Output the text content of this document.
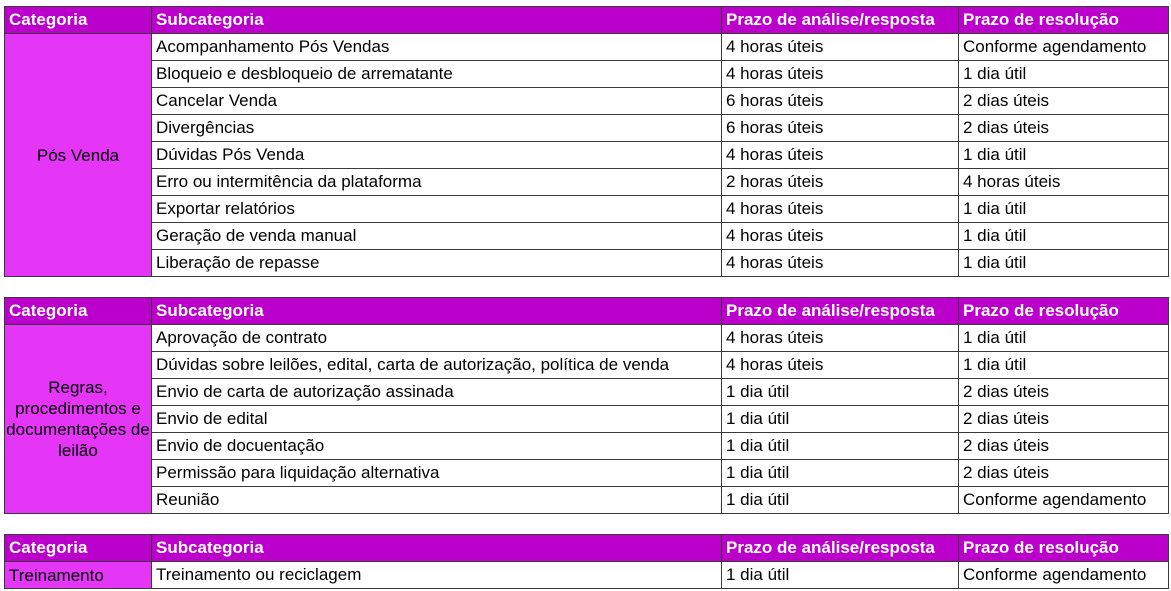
Categoria	Subcategoria	Prazo de análise/resposta	Prazo de resolução
Pós Venda	Acompanhamento Pós Vendas	4 horas úteis	Conforme agendamento
	Bloqueio e desbloqueio de arrematante	4 horas úteis	1 dia útil
	Cancelar Venda	6 horas úteis	2 dias úteis
	Divergências	6 horas úteis	2 dias úteis
	Dúvidas Pós Venda	4 horas úteis	1 dia útil
	Erro ou intermitência da plataforma	2 horas úteis	4 horas úteis
	Exportar relatórios	4 horas úteis	1 dia útil
	Geração de venda manual	4 horas úteis	1 dia útil
	Liberação de repasse	4 horas úteis	1 dia útil
Categoria	Subcategoria	Prazo de análise/resposta	Prazo de resolução
Regras, procedimentos e documentações de leilão	Aprovação de contrato	4 horas úteis	1 dia útil
	Dúvidas sobre leilões, edital, carta de autorização, política de venda	4 horas úteis	1 dia útil
	Envio de carta de autorização assinada	1 dia útil	2 dias úteis
	Envio de edital	1 dia útil	2 dias úteis
	Envio de docuentação	1 dia útil	2 dias úteis
	Permissão para liquidação alternativa	1 dia útil	2 dias úteis
	Reunião	1 dia útil	Conforme agendamento
Categoria	Subcategoria	Prazo de análise/resposta	Prazo de resolução
Treinamento	Treinamento ou reciclagem	1 dia útil	Conforme agendamento
